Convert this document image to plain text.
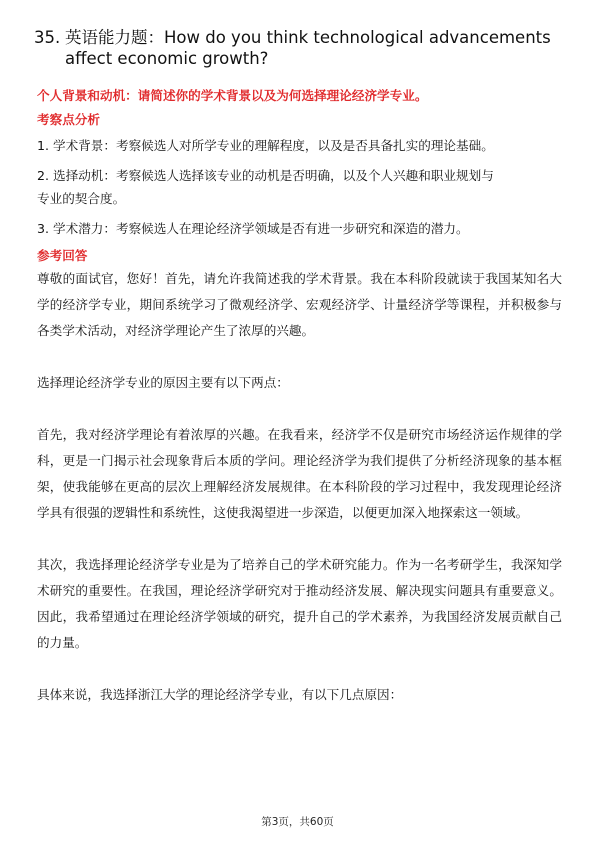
35. 英语能力题：How do you think technological advancements
affect economic growth?
个人背景和动机：请简述你的学术背景以及为何选择理论经济学专业。
考察点分析

1. 学术背景：考察候选人对所学专业的理解程度，以及是否具备扎实的理论基础。

2. 选择动机：考察候选人选择该专业的动机是否明确，以及个人兴趣和职业规划与

专业的契合度。

3. 学术潜力：考察候选人在理论经济学领域是否有进一步研究和深造的潜力。

参考回答

尊敬的面试官，您好！首先，请允许我简述我的学术背景。我在本科阶段就读于我国某知名大学的经济学专业，期间系统学习了微观经济学、宏观经济学、计量经济学等课程，并积极参与各类学术活动，对经济学理论产生了浓厚的兴趣。

选择理论经济学专业的原因主要有以下两点：

首先，我对经济学理论有着浓厚的兴趣。在我看来，经济学不仅是研究市场经济运作规律的学科，更是一门揭示社会现象背后本质的学问。理论经济学为我们提供了分析经济现象的基本框架，使我能够在更高的层次上理解经济发展规律。在本科阶段的学习过程中，我发现理论经济学具有很强的逻辑性和系统性，这使我渴望进一步深造，以便更加深入地探索这一领域。

其次，我选择理论经济学专业是为了培养自己的学术研究能力。作为一名考研学生，我深知学术研究的重要性。在我国，理论经济学研究对于推动经济发展、解决现实问题具有重要意义。因此，我希望通过在理论经济学领域的研究，提升自己的学术素养，为我国经济发展贡献自己的力量。

具体来说，我选择浙江大学的理论经济学专业，有以下几点原因：

第3页，共60页
